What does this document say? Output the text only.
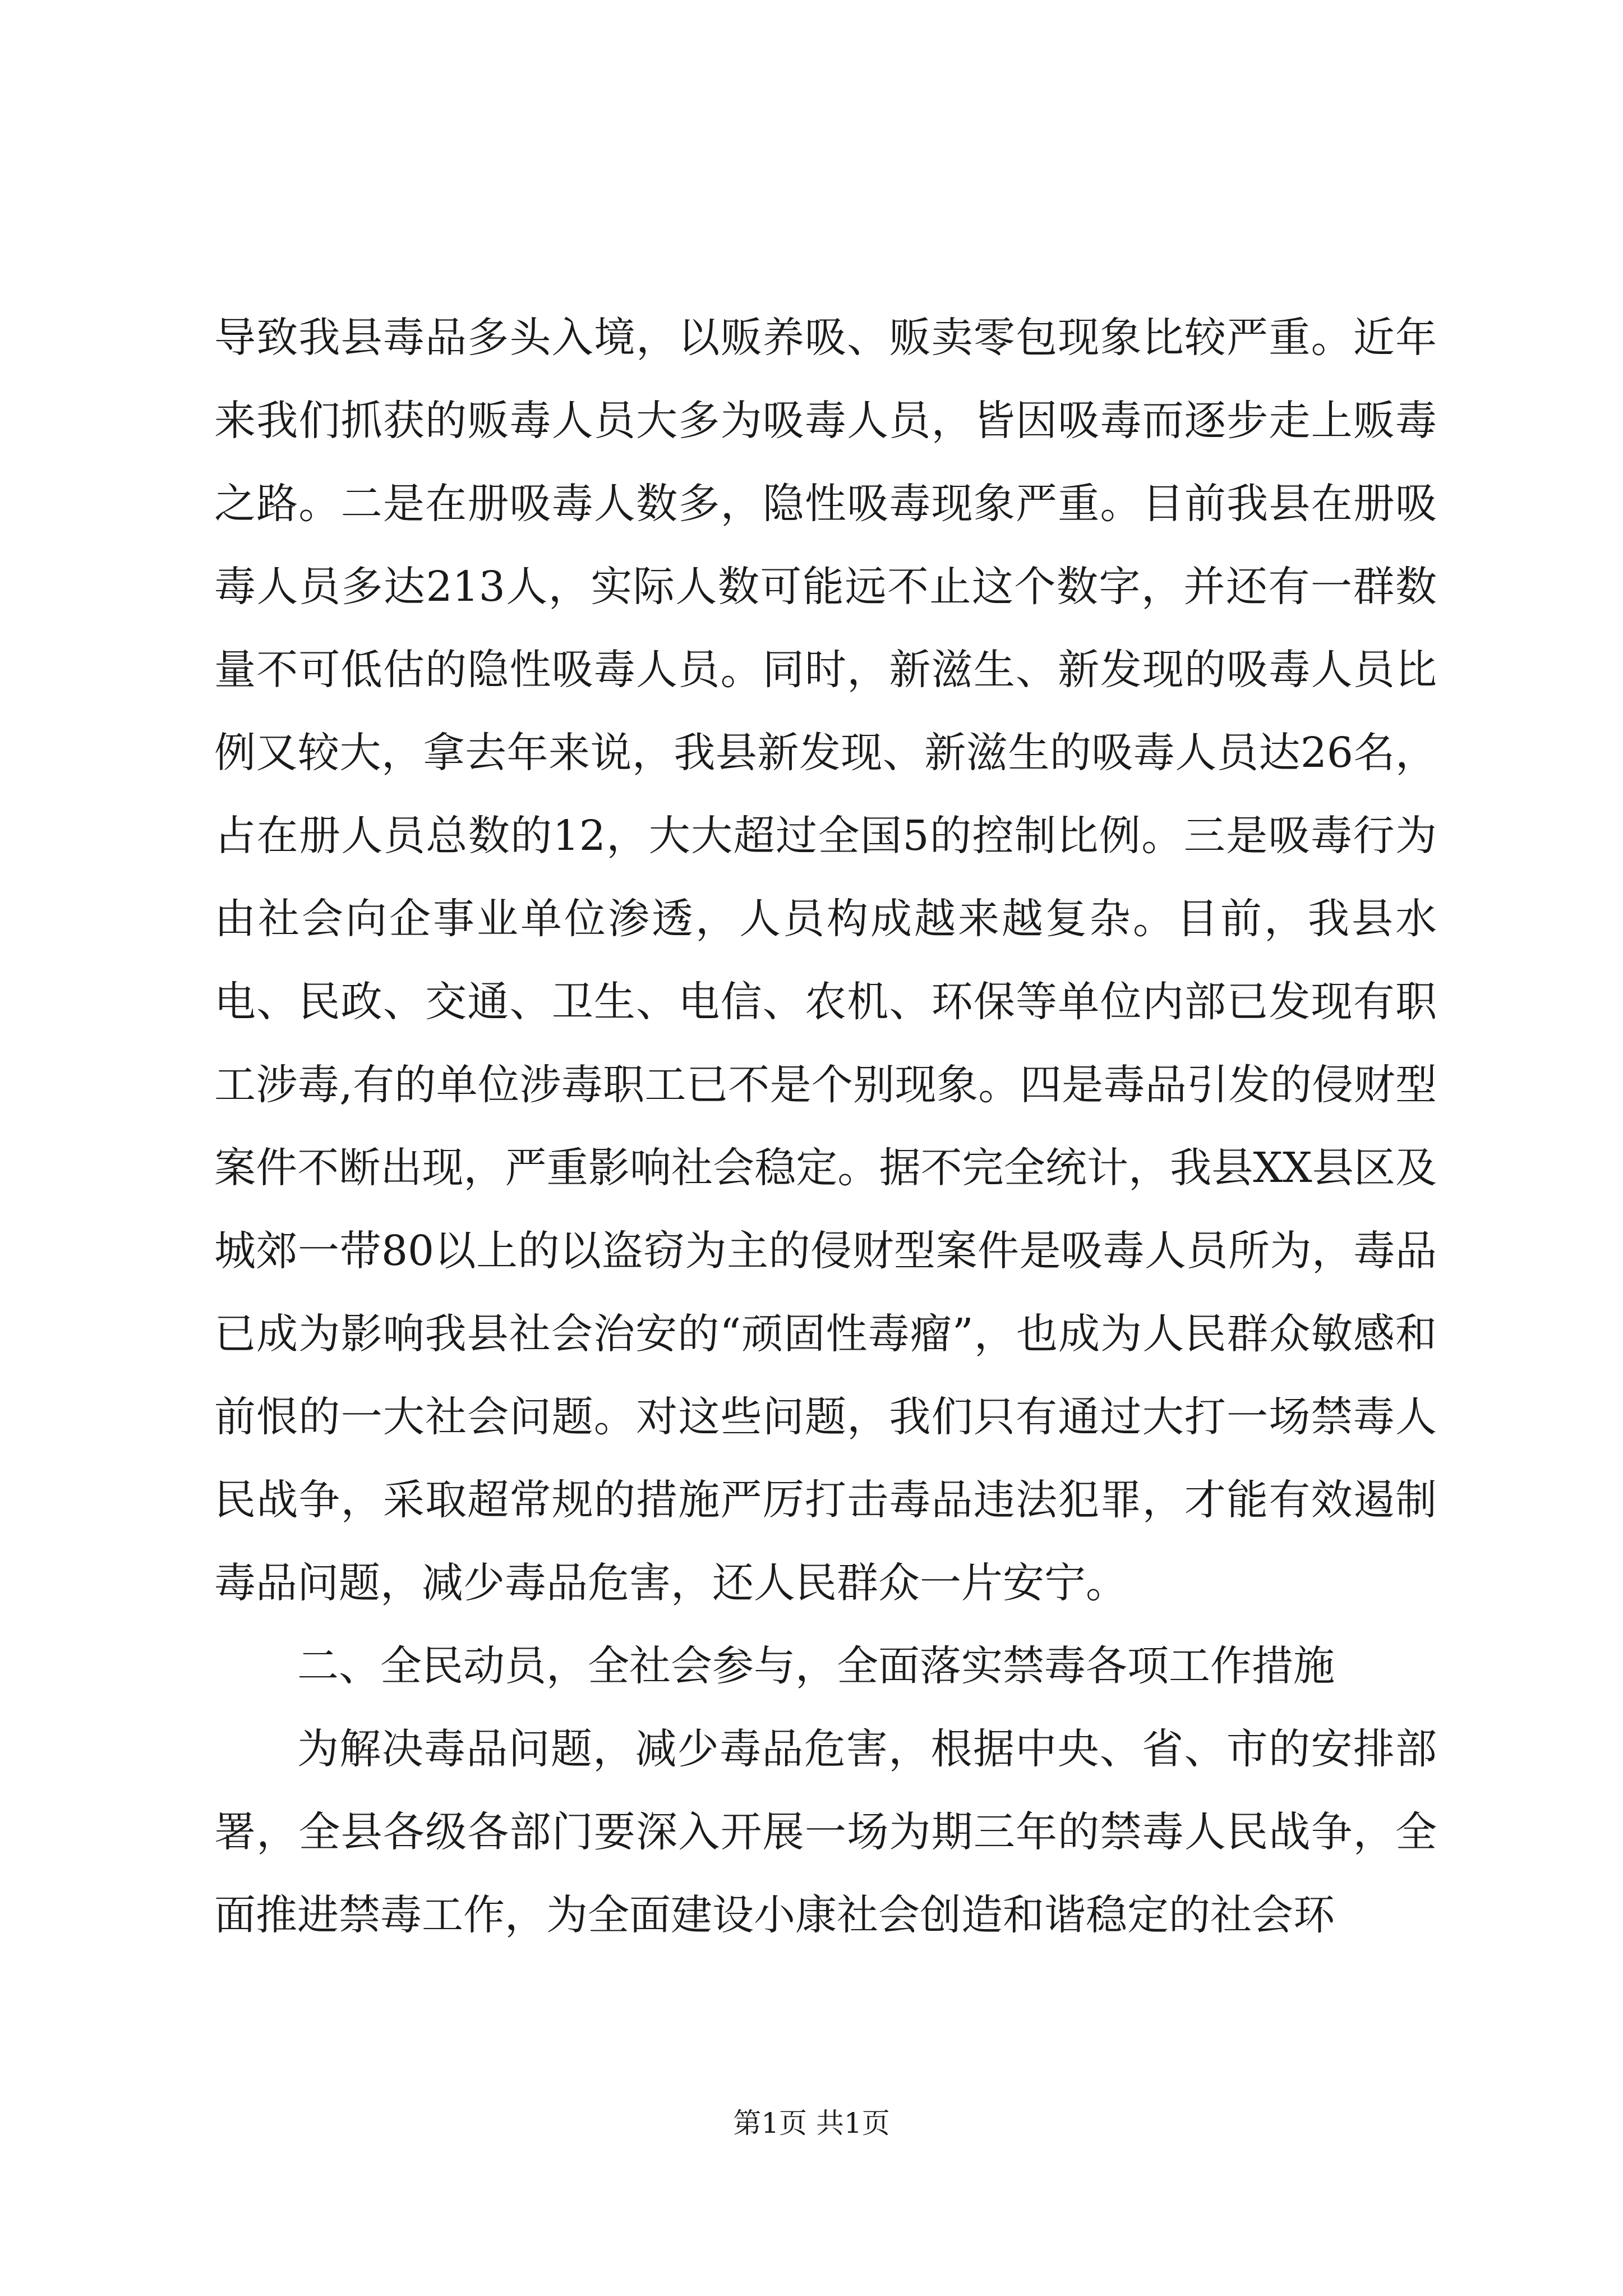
导致我县毒品多头入境，以贩养吸、贩卖零包现象比较严重。近年来我们抓获的贩毒人员大多为吸毒人员，皆因吸毒而逐步走上贩毒之路。二是在册吸毒人数多，隐性吸毒现象严重。目前我县在册吸毒人员多达213人，实际人数可能远不止这个数字，并还有一群数量不可低估的隐性吸毒人员。同时，新滋生、新发现的吸毒人员比例又较大，拿去年来说，我县新发现、新滋生的吸毒人员达26名，占在册人员总数的12，大大超过全国5的控制比例。三是吸毒行为由社会向企事业单位渗透，人员构成越来越复杂。目前，我县水电、民政、交通、卫生、电信、农机、环保等单位内部已发现有职工涉毒,有的单位涉毒职工已不是个别现象。四是毒品引发的侵财型案件不断出现，严重影响社会稳定。据不完全统计，我县XX县区及城郊一带80以上的以盗窃为主的侵财型案件是吸毒人员所为，毒品已成为影响我县社会治安的“顽固性毒瘤”，也成为人民群众敏感和前恨的一大社会问题。对这些问题，我们只有通过大打一场禁毒人民战争，采取超常规的措施严厉打击毒品违法犯罪，才能有效遏制毒品问题，减少毒品危害，还人民群众一片安宁。

二、全民动员，全社会参与，全面落实禁毒各项工作措施

为解决毒品问题，减少毒品危害，根据中央、省、市的安排部署，全县各级各部门要深入开展一场为期三年的禁毒人民战争，全面推进禁毒工作，为全面建设小康社会创造和谐稳定的社会环

第1页 共1页
